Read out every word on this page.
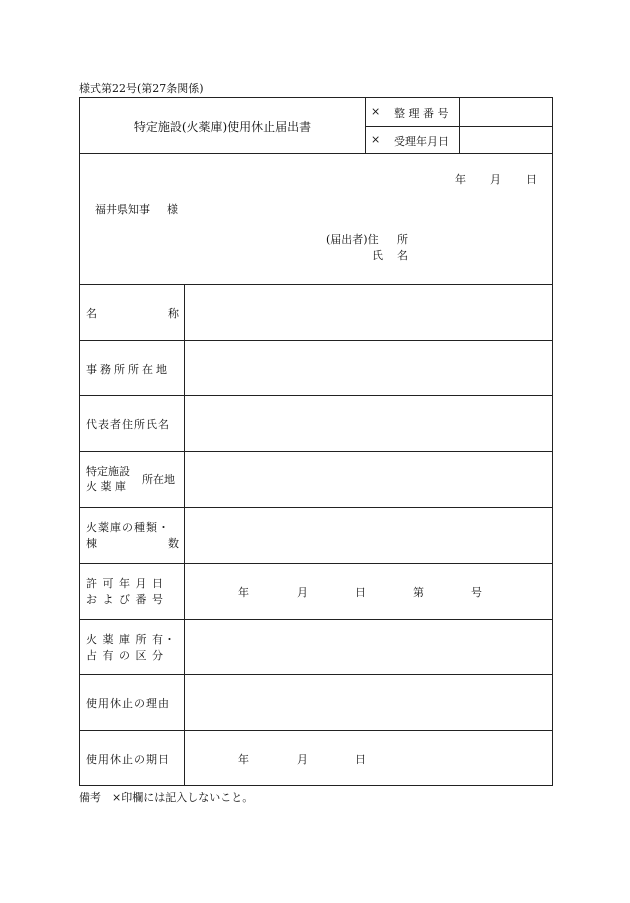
様式第22号(第27条関係)
特定施設(火薬庫)使用休止届出書
× 整 理 番 号
× 受理年月日
年 月 日
福井県知事 様
(届出者)住 所
氏 名
名	称
事務所所在地
代表者住所氏名
特定施設
火 薬 庫
所在地
火薬庫の種類・
棟	数
許 可 年 月 日
お よ び 番 号
年	月	日	第	号
火 薬 庫 所 有・
占 有 の 区 分
使用休止の理由
使用休止の期日	年	月	日
備考　×印欄には記入しないこと。
